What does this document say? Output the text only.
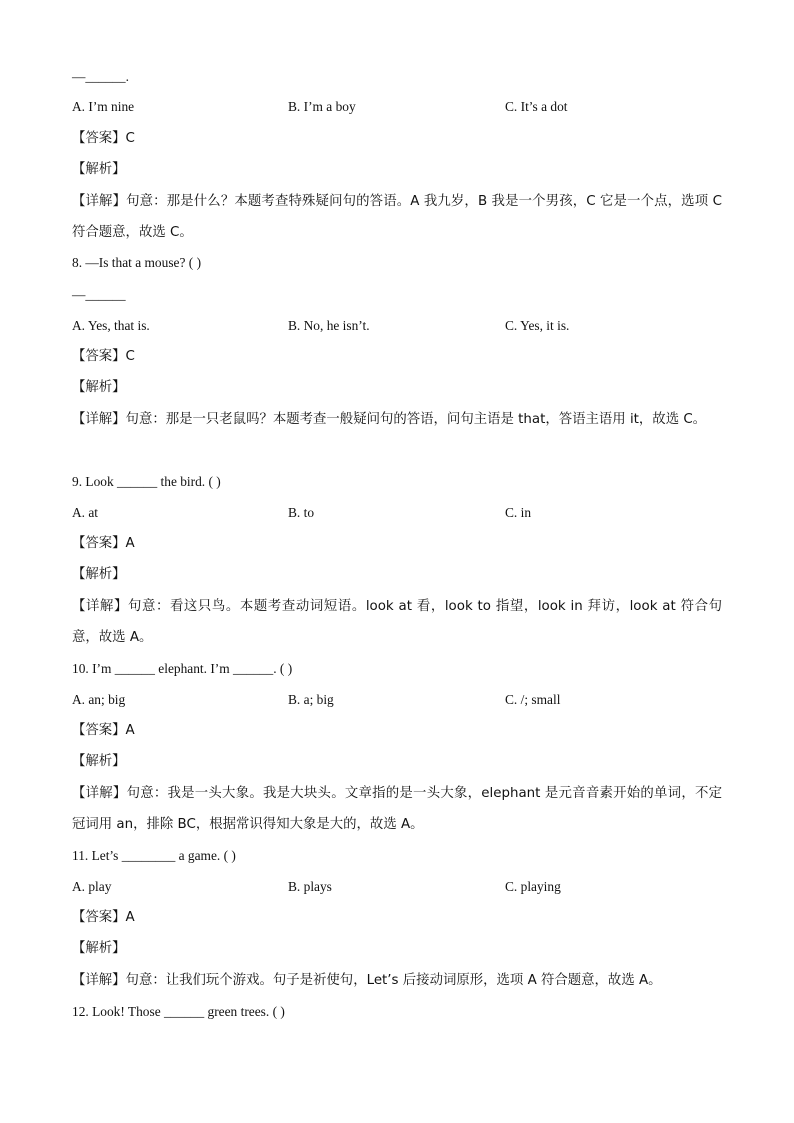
—______.
A. I’m nine	B. I’m a boy	C. It’s a dot
【答案】C
【解析】
【详解】句意：那是什么？本题考查特殊疑问句的答语。A 我九岁，B 我是一个男孩，C 它是一个点，选项 C 符合题意，故选 C。
8. —Is that a mouse? ( )
—______
A. Yes, that is.	B. No, he isn’t.	C. Yes, it is.
【答案】C
【解析】
【详解】句意：那是一只老鼠吗？本题考查一般疑问句的答语，问句主语是 that，答语主语用 it，故选 C。
9. Look ______ the bird. ( )
A. at	B. to	C. in
【答案】A
【解析】
【详解】句意：看这只鸟。本题考查动词短语。look at 看，look to 指望，look in 拜访，look at 符合句意，故选 A。
10. I’m ______ elephant. I’m ______. ( )
A. an; big	B. a; big	C. /; small
【答案】A
【解析】
【详解】句意：我是一头大象。我是大块头。文章指的是一头大象，elephant 是元音音素开始的单词，不定冠词用 an，排除 BC，根据常识得知大象是大的，故选 A。
11. Let’s ________ a game. ( )
A. play	B. plays	C. playing
【答案】A
【解析】
【详解】句意：让我们玩个游戏。句子是祈使句，Let’s 后接动词原形，选项 A 符合题意，故选 A。
12. Look! Those ______ green trees. ( )
